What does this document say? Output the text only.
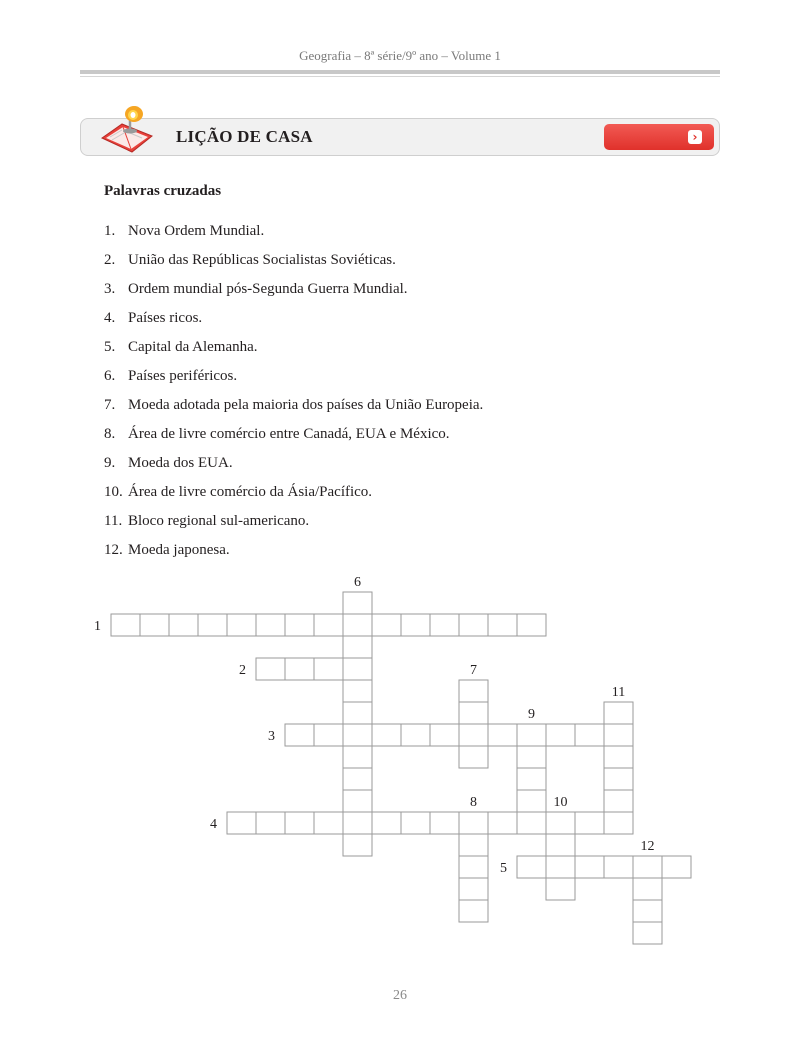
Geografia – 8ª série/9º ano – Volume 1
LIÇÃO DE CASA	›
Palavras cruzadas
1. Nova Ordem Mundial.
2. União das Repúblicas Socialistas Soviéticas.
3. Ordem mundial pós-Segunda Guerra Mundial.
4. Países ricos.
5. Capital da Alemanha.
6. Países periféricos.
7. Moeda adotada pela maioria dos países da União Europeia.
8. Área de livre comércio entre Canadá, EUA e México.
9. Moeda dos EUA.
10. Área de livre comércio da Ásia/Pacífico.
11. Bloco regional sul-americano.
12. Moeda japonesa.
1
2
3
4
5
6
7
8
9
10
11
12
26
